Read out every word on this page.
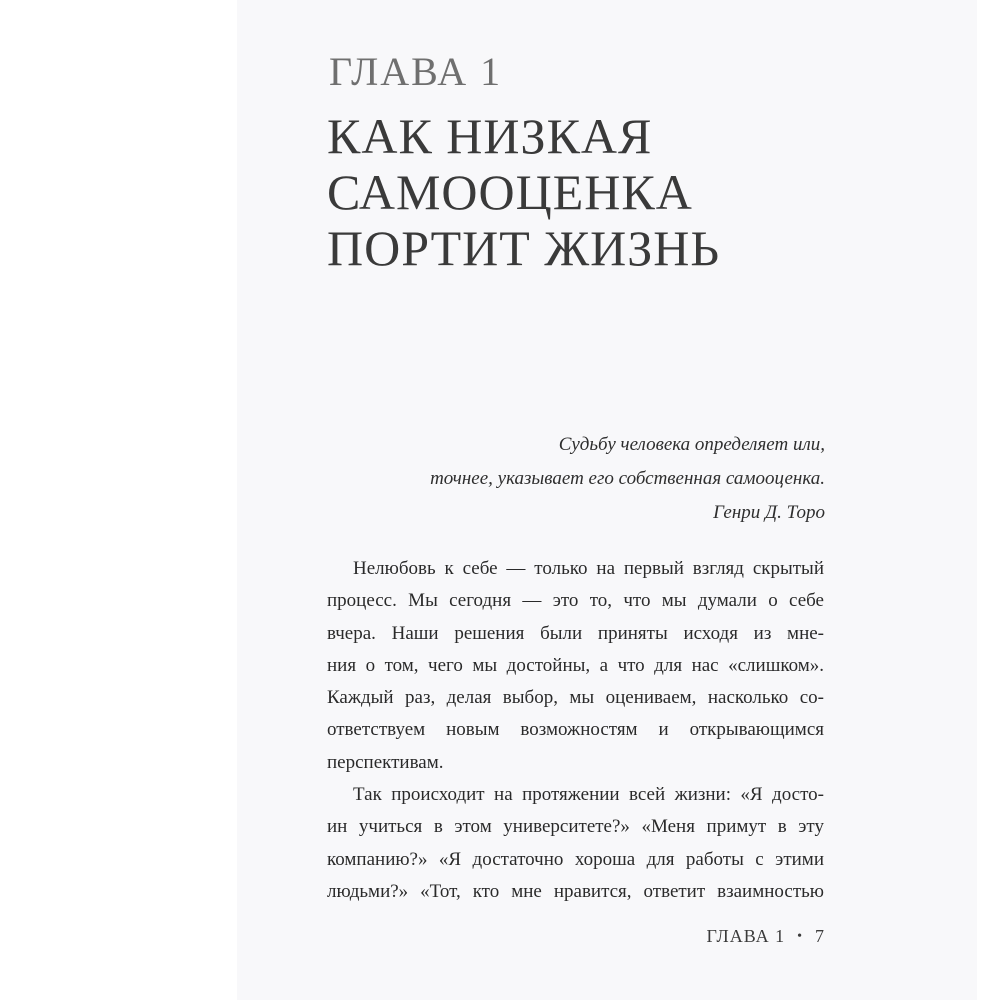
ГЛАВА 1
КАК НИЗКАЯ
САМООЦЕНКА
ПОРТИТ ЖИЗНЬ
Судьбу человека определяет или,
точнее, указывает его собственная самооценка.
Генри Д. Торо
Нелюбовь к себе — только на первый взгляд скрытый
процесс. Мы сегодня — это то, что мы думали о себе
вчера. Наши решения были приняты исходя из мне-
ния о том, чего мы достойны, а что для нас «слишком».
Каждый раз, делая выбор, мы оцениваем, насколько со-
ответствуем новым возможностям и открывающимся
перспективам.
Так происходит на протяжении всей жизни: «Я досто-
ин учиться в этом университете?» «Меня примут в эту
компанию?» «Я достаточно хороша для работы с этими
людьми?» «Тот, кто мне нравится, ответит взаимностью
ГЛАВА 1 • 7
